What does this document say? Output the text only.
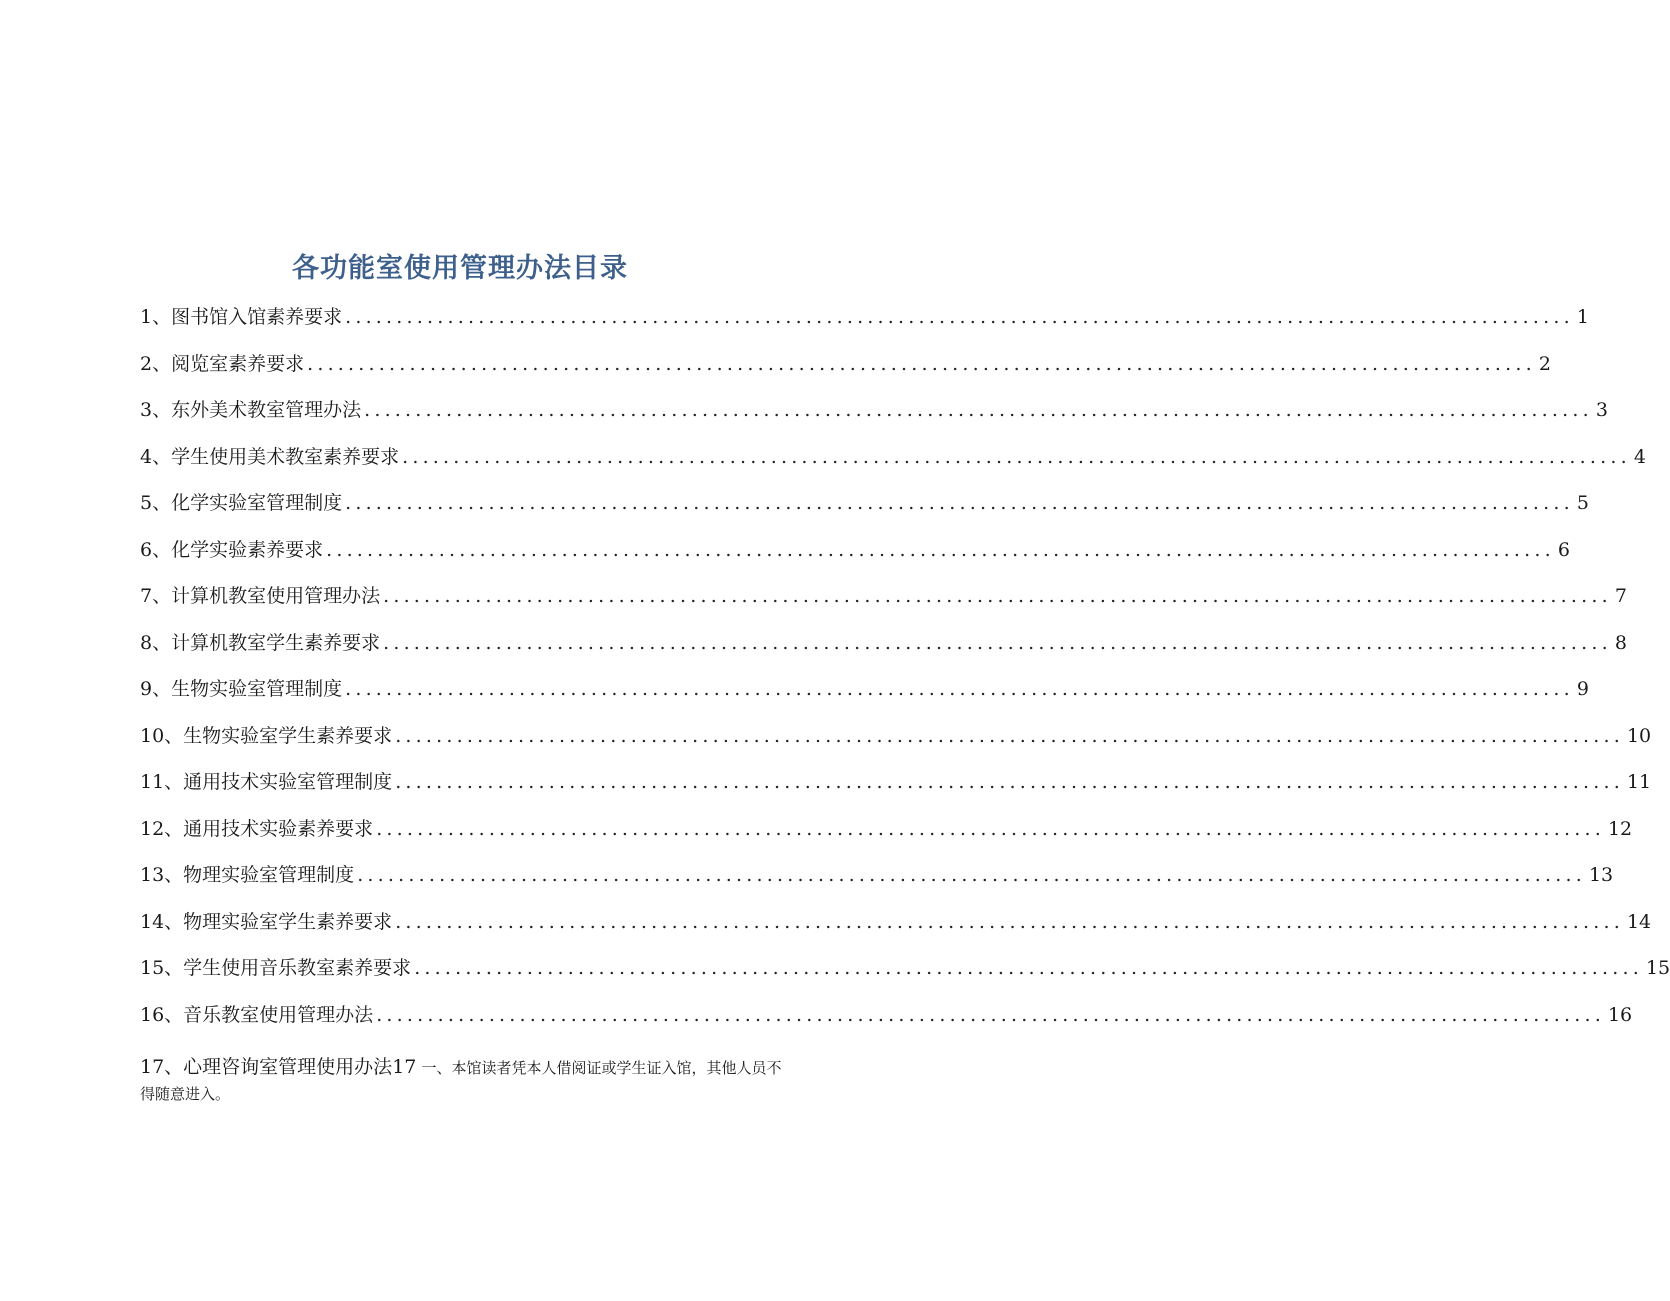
各功能室使用管理办法目录
1、图书馆入馆素养要求 ........................................................................................................................ 1
2、阅览室素养要求 ........................................................................................................................ 2
3、东外美术教室管理办法 ........................................................................................................................ 3
4、学生使用美术教室素养要求 ........................................................................................................................ 4
5、化学实验室管理制度 ........................................................................................................................ 5
6、化学实验素养要求 ........................................................................................................................ 6
7、计算机教室使用管理办法 ........................................................................................................................ 7
8、计算机教室学生素养要求 ........................................................................................................................ 8
9、生物实验室管理制度 ........................................................................................................................ 9
10、生物实验室学生素养要求 ........................................................................................................................ 10
11、通用技术实验室管理制度 ........................................................................................................................ 11
12、通用技术实验素养要求 ........................................................................................................................ 12
13、物理实验室管理制度 ........................................................................................................................ 13
14、物理实验室学生素养要求 ........................................................................................................................ 14
15、学生使用音乐教室素养要求 ........................................................................................................................ 15
16、音乐教室使用管理办法 ........................................................................................................................ 16
17、心理咨询室管理使用办法17 一、本馆读者凭本人借阅证或学生证入馆，其他人员不得随意进入。
